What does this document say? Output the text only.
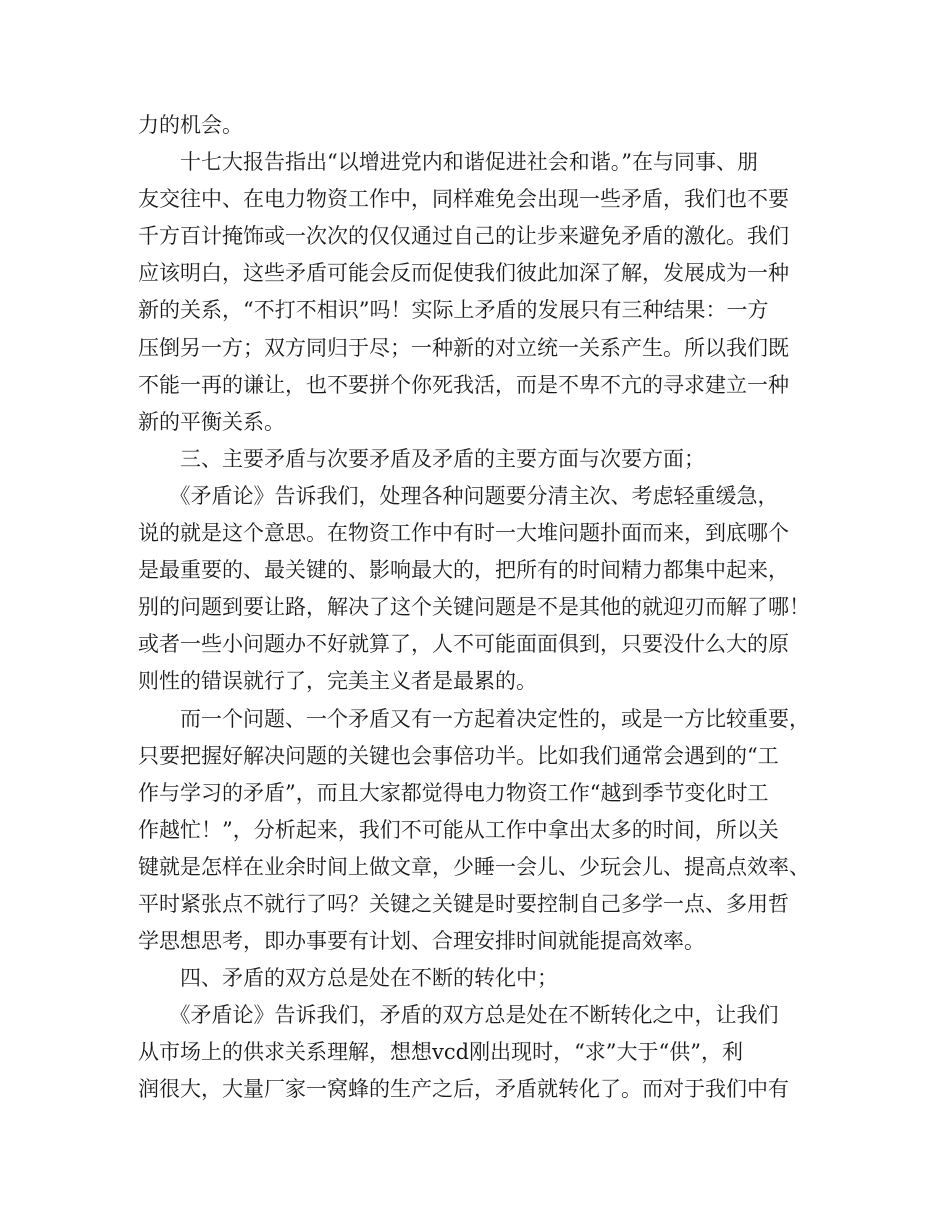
力的机会。
　　十七大报告指出“以增进党内和谐促进社会和谐。”在与同事、朋
友交往中、在电力物资工作中，同样难免会出现一些矛盾，我们也不要
千方百计掩饰或一次次的仅仅通过自己的让步来避免矛盾的激化。我们
应该明白，这些矛盾可能会反而促使我们彼此加深了解，发展成为一种
新的关系，“不打不相识”吗！实际上矛盾的发展只有三种结果：一方
压倒另一方；双方同归于尽；一种新的对立统一关系产生。所以我们既
不能一再的谦让，也不要拼个你死我活，而是不卑不亢的寻求建立一种
新的平衡关系。
　　三、主要矛盾与次要矛盾及矛盾的主要方面与次要方面；
　　《矛盾论》告诉我们，处理各种问题要分清主次、考虑轻重缓急，
说的就是这个意思。在物资工作中有时一大堆问题扑面而来，到底哪个
是最重要的、最关键的、影响最大的，把所有的时间精力都集中起来，
别的问题到要让路，解决了这个关键问题是不是其他的就迎刃而解了哪！
或者一些小问题办不好就算了，人不可能面面俱到，只要没什么大的原
则性的错误就行了，完美主义者是最累的。
　　而一个问题、一个矛盾又有一方起着决定性的，或是一方比较重要，
只要把握好解决问题的关键也会事倍功半。比如我们通常会遇到的“工
作与学习的矛盾”，而且大家都觉得电力物资工作“越到季节变化时工
作越忙！”，分析起来，我们不可能从工作中拿出太多的时间，所以关
键就是怎样在业余时间上做文章，少睡一会儿、少玩会儿、提高点效率、
平时紧张点不就行了吗？关键之关键是时要控制自己多学一点、多用哲
学思想思考，即办事要有计划、合理安排时间就能提高效率。
　　四、矛盾的双方总是处在不断的转化中；
　　《矛盾论》告诉我们，矛盾的双方总是处在不断转化之中，让我们
从市场上的供求关系理解，想想vcd刚出现时，“求”大于“供”，利
润很大，大量厂家一窝蜂的生产之后，矛盾就转化了。而对于我们中有
